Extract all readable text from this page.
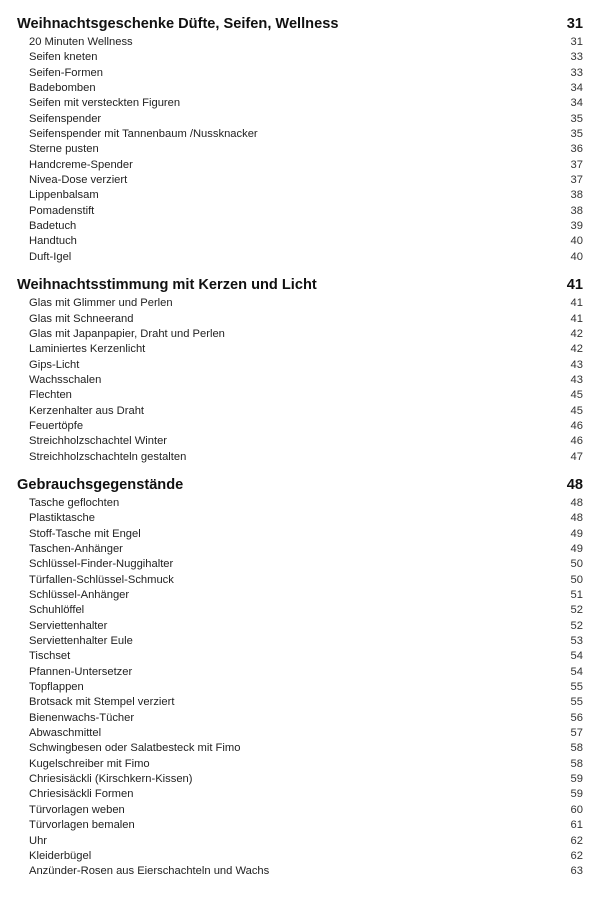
Weihnachtsgeschenke Düfte, Seifen, Wellness	31
20 Minuten Wellness	31
Seifen kneten	33
Seifen-Formen	33
Badebomben	34
Seifen mit versteckten Figuren	34
Seifenspender	35
Seifenspender mit Tannenbaum /Nussknacker	35
Sterne pusten	36
Handcreme-Spender	37
Nivea-Dose verziert	37
Lippenbalsam	38
Pomadenstift	38
Badetuch	39
Handtuch	40
Duft-Igel	40
Weihnachtsstimmung mit Kerzen und Licht	41
Glas mit Glimmer und Perlen	41
Glas mit Schneerand	41
Glas mit Japanpapier, Draht und Perlen	42
Laminiertes Kerzenlicht	42
Gips-Licht	43
Wachsschalen	43
Flechten	45
Kerzenhalter aus Draht	45
Feuertöpfe	46
Streichholzschachtel Winter	46
Streichholzschachteln gestalten	47
Gebrauchsgegenstände	48
Tasche geflochten	48
Plastiktasche	48
Stoff-Tasche mit Engel	49
Taschen-Anhänger	49
Schlüssel-Finder-Nuggihalter	50
Türfallen-Schlüssel-Schmuck	50
Schlüssel-Anhänger	51
Schuhlöffel	52
Serviettenhalter	52
Serviettenhalter Eule	53
Tischset	54
Pfannen-Untersetzer	54
Topflappen	55
Brotsack mit Stempel verziert	55
Bienenwachs-Tücher	56
Abwaschmittel	57
Schwingbesen oder Salatbesteck mit Fimo	58
Kugelschreiber mit Fimo	58
Chriesisäckli (Kirschkern-Kissen)	59
Chriesisäckli Formen	59
Türvorlagen weben	60
Türvorlagen bemalen	61
Uhr	62
Kleiderbügel	62
Anzünder-Rosen aus Eierschachteln und Wachs	63
